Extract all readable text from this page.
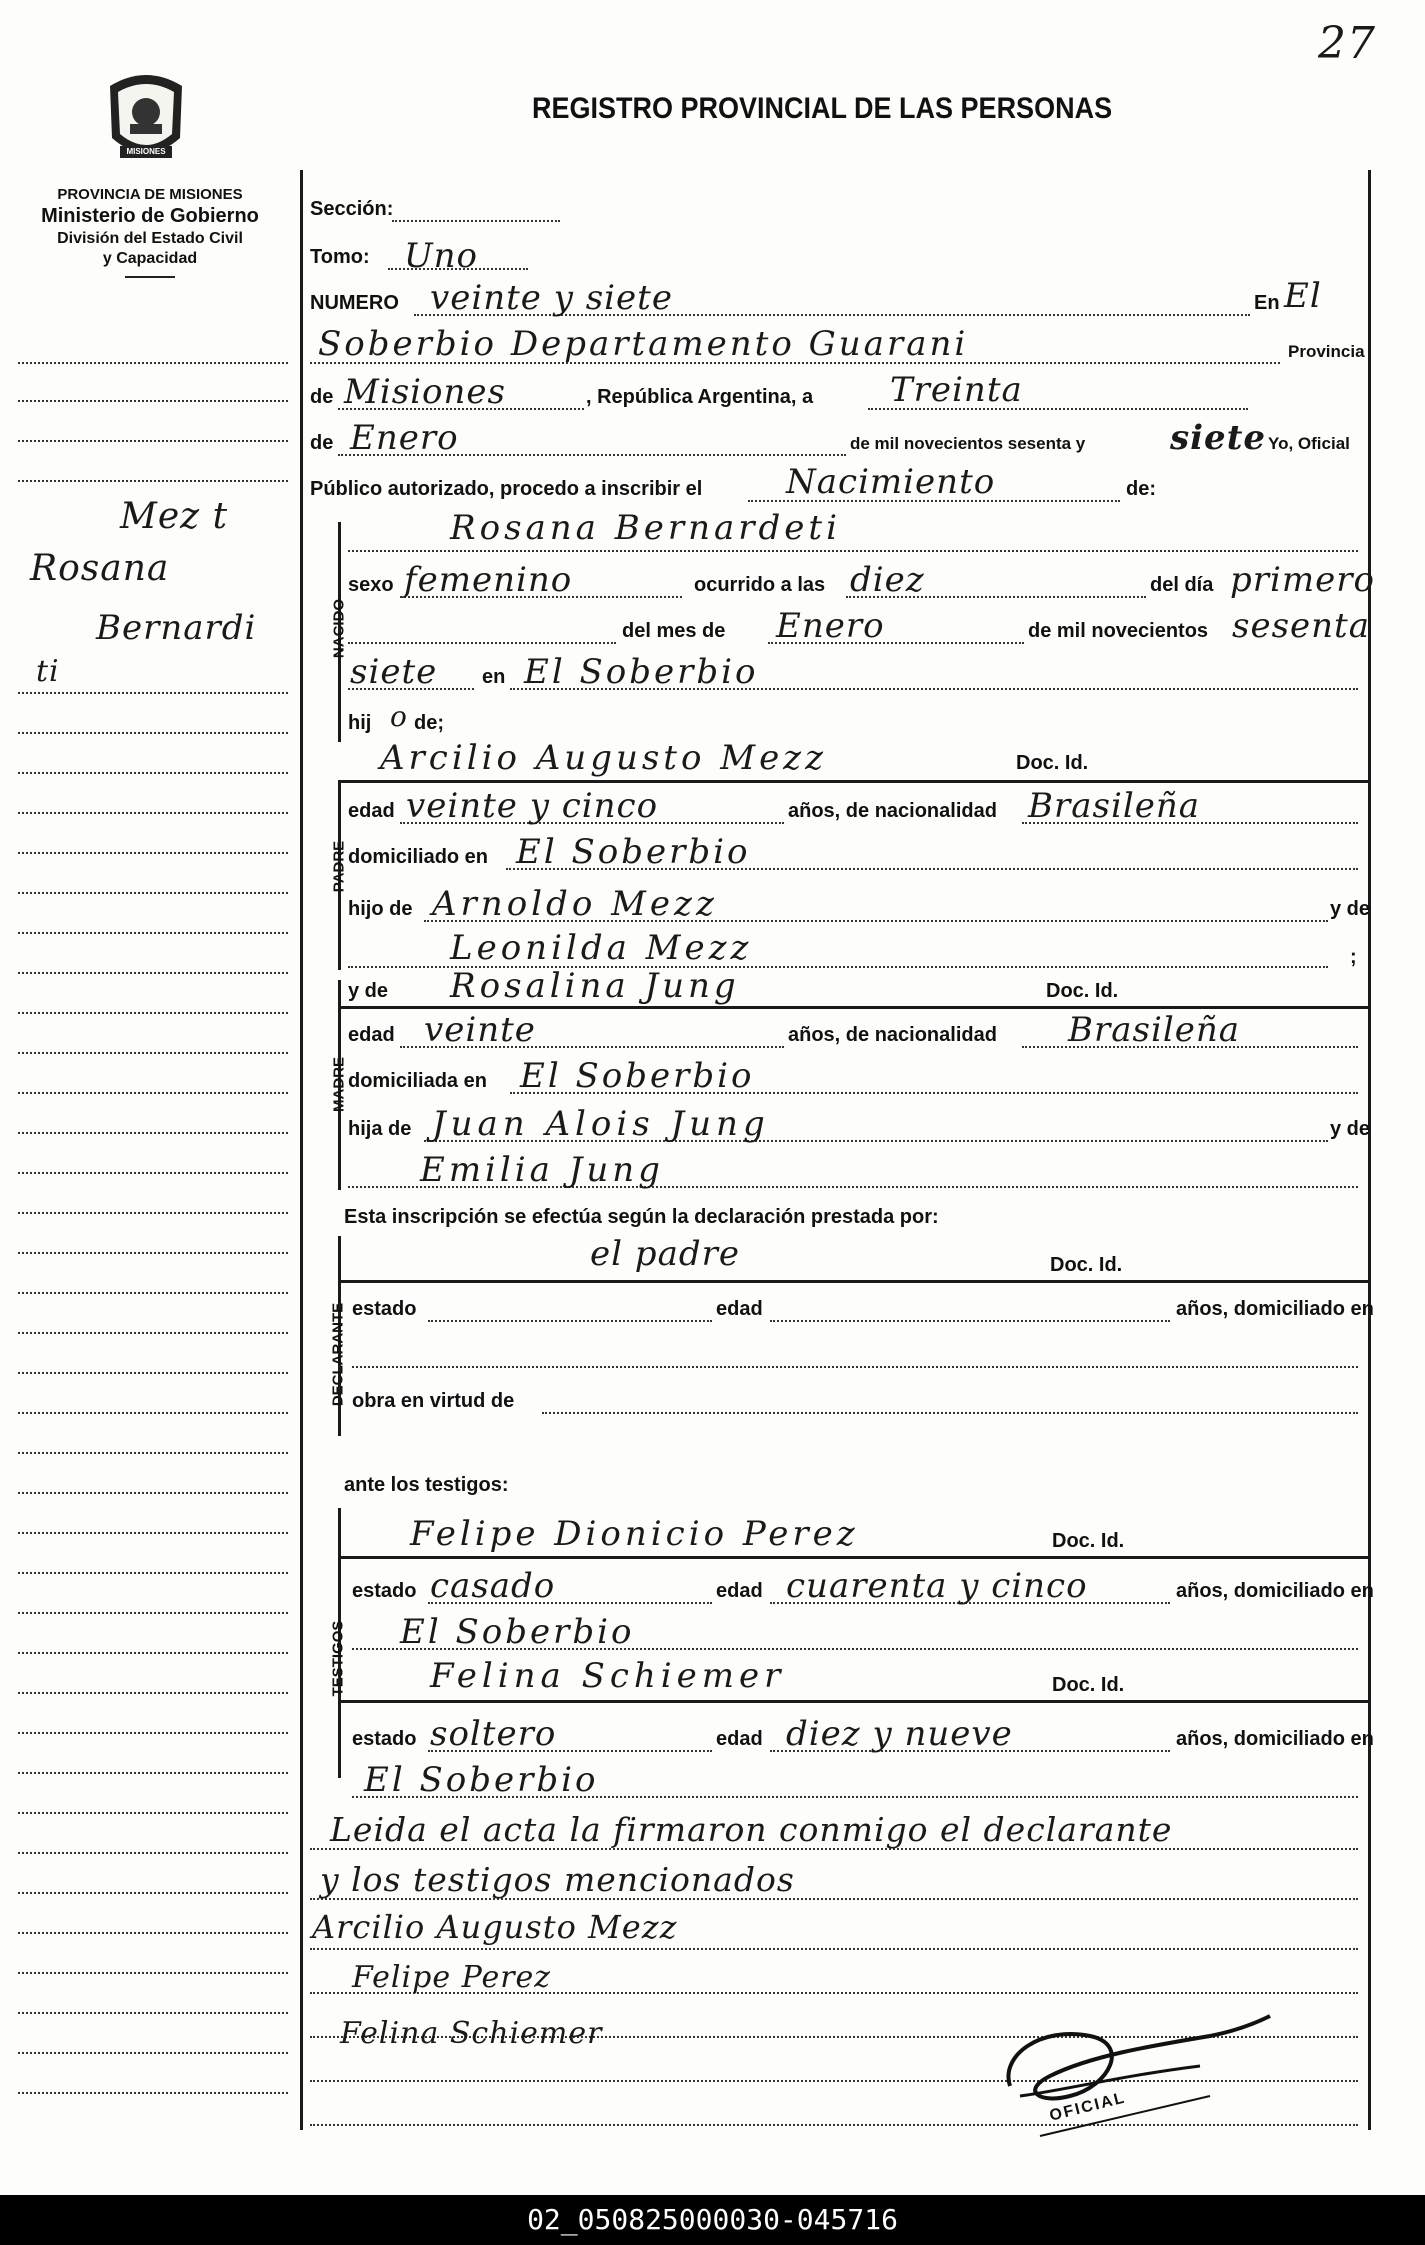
27
MISIONES
PROVINCIA DE MISIONES
Ministerio de Gobierno
División del Estado Civil
y Capacidad
REGISTRO PROVINCIAL DE LAS PERSONAS
Mez t
Rosana
Bernardi
ti
Sección:
Tomo: Uno
NUMERO veinte y siete	En El
Soberbio Departamento Guarani	Provincia
de Misiones	, República Argentina, a Treinta
de Enero	de mil novecientos sesenta y siete Yo, Oficial
Público autorizado, procedo a inscribir el Nacimiento	de:
NACIDO
Rosana Bernardeti
sexo femenino	ocurrido a las diez	del día primero
del mes de Enero	de mil novecientos sesenta
siete en El Soberbio
hij o de;
PADRE
Arcilio Augusto Mezz	Doc. Id.
edad veinte y cinco	años, de nacionalidad Brasileña
domiciliado en El Soberbio
hijo de Arnoldo Mezz	y de
Leonilda Mezz	;
y de Rosalina Jung	Doc. Id.
MADRE
edad veinte	años, de nacionalidad Brasileña
domiciliada en El Soberbio
hija de Juan Alois Jung	y de
Emilia Jung
Esta inscripción se efectúa según la declaración prestada por:
DECLARANTE
el padre	Doc. Id.
estado	edad	años, domiciliado en
obra en virtud de
ante los testigos:
TESTIGOS
Felipe Dionicio Perez	Doc. Id.
estado casado	edad cuarenta y cinco	años, domiciliado en
El Soberbio
Felina Schiemer	Doc. Id.
estado soltero	edad diez y nueve	años, domiciliado en
El Soberbio
Leida el acta la firmaron conmigo el declarante
y los testigos mencionados
Arcilio Augusto Mezz
Felipe Perez
Felina Schiemer
OFICIAL
02_050825000030-045716
